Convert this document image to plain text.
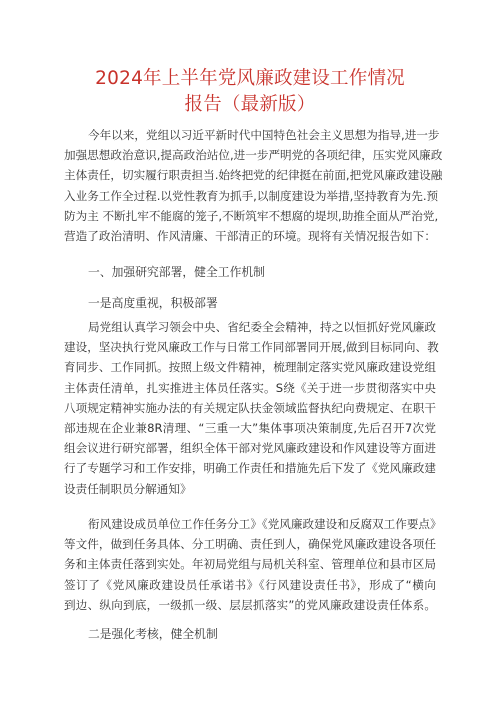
2024年上半年党风廉政建设工作情况
报告（最新版）
今年以来，党组以习近平新时代中国特色社会主义思想为指导,进一步
加强思想政治意识,提高政治站位,进一步严明党的各项纪律，压实党风廉政
主体责任，切实履行职责担当.始终把党的纪律挺在前面,把党风廉政建设融
入业务工作全过程.以党性教育为抓手,以制度建设为举措,坚持教育为先.预
防为主 不断扎牢不能腐的笼子,不断筑牢不想腐的堤坝,助推全面从严治党,
营造了政治清明、作风清廉、干部清正的环境。现将有关情况报告如下：
一、加强研究部署，健全工作机制
一是高度重视，积极部署
局党组认真学习领会中央、省纪委全会精神，持之以恒抓好党风廉政
建设，坚决执行党风廉政工作与日常工作同部署同开展,做到目标同向、教
育同步、工作同抓。按照上级文件精神，梳理制定落实党风廉政建设党组
主体责任清单，扎实推进主体员任落实。S绕《关于进一步贯彻落实中央
八项规定精神实施办法的有关规定队扶金领域监督执纪向费规定、在职干
部违规在企业兼8R清理、“三重一大”集体事项决策制度,先后召开7次党
组会议进行研究部署，组织全体干部对党风廉政建设和作风建设等方面进
行了专题学习和工作安排，明确工作责任和措施先后下发了《党风廉政建
设责任制职员分解通知》
衔风建设成员单位工作任务分工》《党风廉政建设和反腐双工作要点》
等文件，做到任务具体、分工明确、责任到人，确保党风廉政建设各项任
务和主体责任落到实处。年初局党组与局机关科室、管理单位和县市区局
签订了《党风廉政建设员任承诺书》《行风建设责任书》，形成了“横向
到边、纵向到底，一级抓一级、层层抓落实”的党风廉政建设责任体系。
二是强化考核，健全机制
